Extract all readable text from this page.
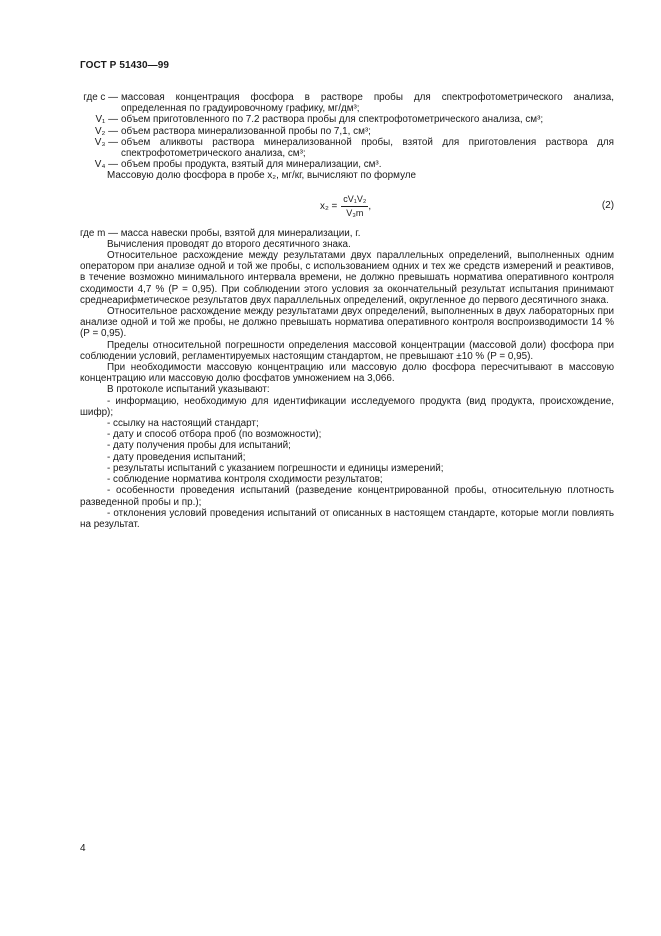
ГОСТ Р 51430—99
где c — массовая концентрация фосфора в растворе пробы для спектрофотометрического анализа, определенная по градуировочному графику, мг/дм³;
V₁ — объем приготовленного по 7.2 раствора пробы для спектрофотометрического анализа, см³;
V₂ — объем раствора минерализованной пробы по 7,1, см³;
V₃ — объем аликвоты раствора минерализованной пробы, взятой для приготовления раствора для спектрофотометрического анализа, см³;
V₄ — объем пробы продукта, взятый для минерализации, см³.

Массовую долю фосфора в пробе x₂, мг/кг, вычисляют по формуле

$x_2 = \frac{\text{cV₁V₂}}{\text{V₃m}}$ ,	(2)

где m — масса навески пробы, взятой для минерализации, г.

Вычисления проводят до второго десятичного знака.

Относительное расхождение между результатами двух параллельных определений, выполненных одним оператором при анализе одной и той же пробы, с использованием одних и тех же средств измерений и реактивов, в течение возможно минимального интервала времени, не должно превышать норматива оперативного контроля сходимости 4,7 % (P = 0,95). При соблюдении этого условия за окончательный результат испытания принимают среднеарифметическое результатов двух параллельных определений, округленное до первого десятичного знака.

Относительное расхождение между результатами двух определений, выполненных в двух лабораторных при анализе одной и той же пробы, не должно превышать норматива оперативного контроля воспроизводимости 14 % (P = 0,95).

Пределы относительной погрешности определения массовой концентрации (массовой доли) фосфора при соблюдении условий, регламентируемых настоящим стандартом, не превышают ±10 % (P = 0,95).

При необходимости массовую концентрацию или массовую долю фосфора пересчитывают в массовую концентрацию или массовую долю фосфатов умножением на 3,066.

В протоколе испытаний указывают:

- информацию, необходимую для идентификации исследуемого продукта (вид продукта, происхождение, шифр);

- ссылку на настоящий стандарт;

- дату и способ отбора проб (по возможности);

- дату получения пробы для испытаний;

- дату проведения испытаний;

- результаты испытаний с указанием погрешности и единицы измерений;

- соблюдение норматива контроля сходимости результатов;

- особенности проведения испытаний (разведение концентрированной пробы, относительную плотность разведенной пробы и пр.);

- отклонения условий проведения испытаний от описанных в настоящем стандарте, которые могли повлиять на результат.

4
